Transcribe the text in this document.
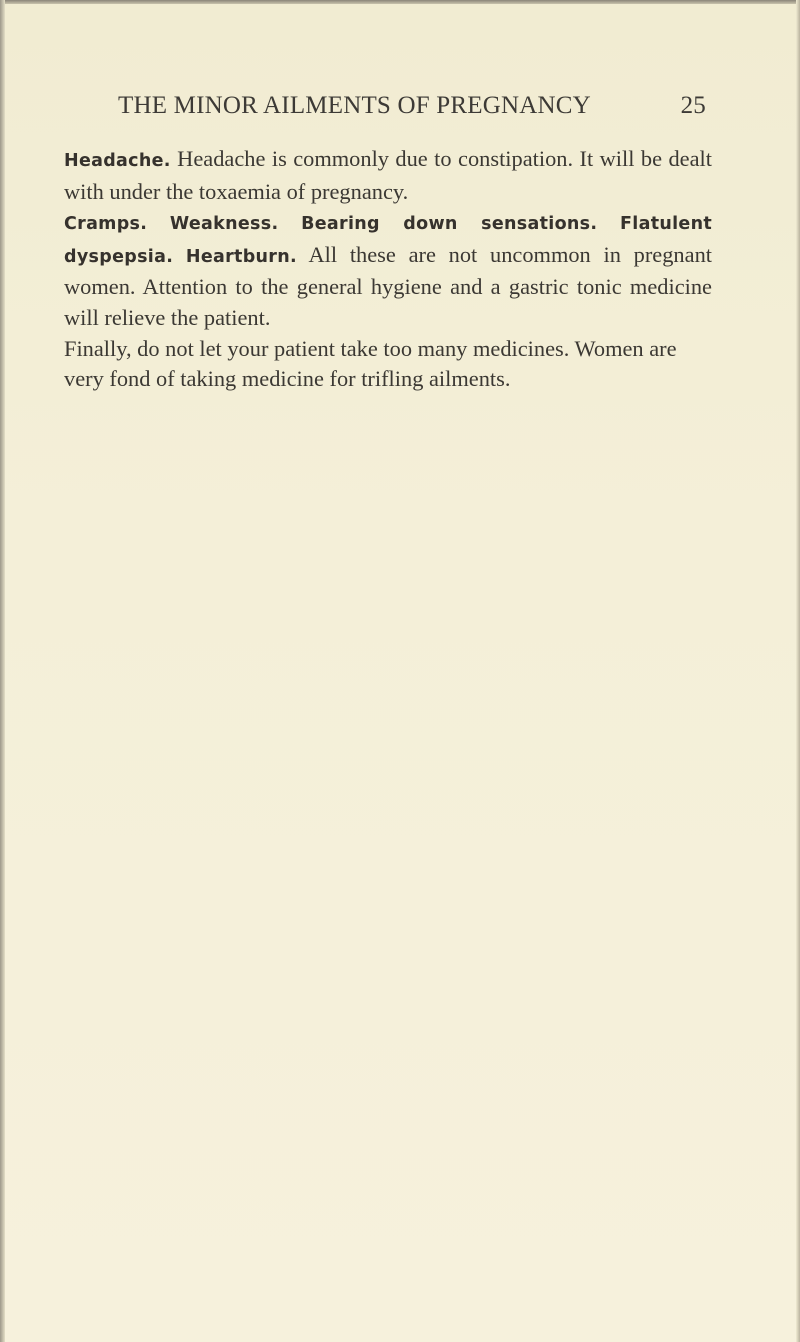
THE MINOR AILMENTS OF PREGNANCY	25

Headache. Headache is commonly due to constipation. It will be dealt with under the toxaemia of pregnancy.

Cramps. Weakness. Bearing down sensations. Flatulent dyspepsia. Heartburn. All these are not uncommon in pregnant women. Attention to the general hygiene and a gastric tonic medicine will relieve the patient.

Finally, do not let your patient take too many medicines. Women are very fond of taking medicine for trifling ailments.
